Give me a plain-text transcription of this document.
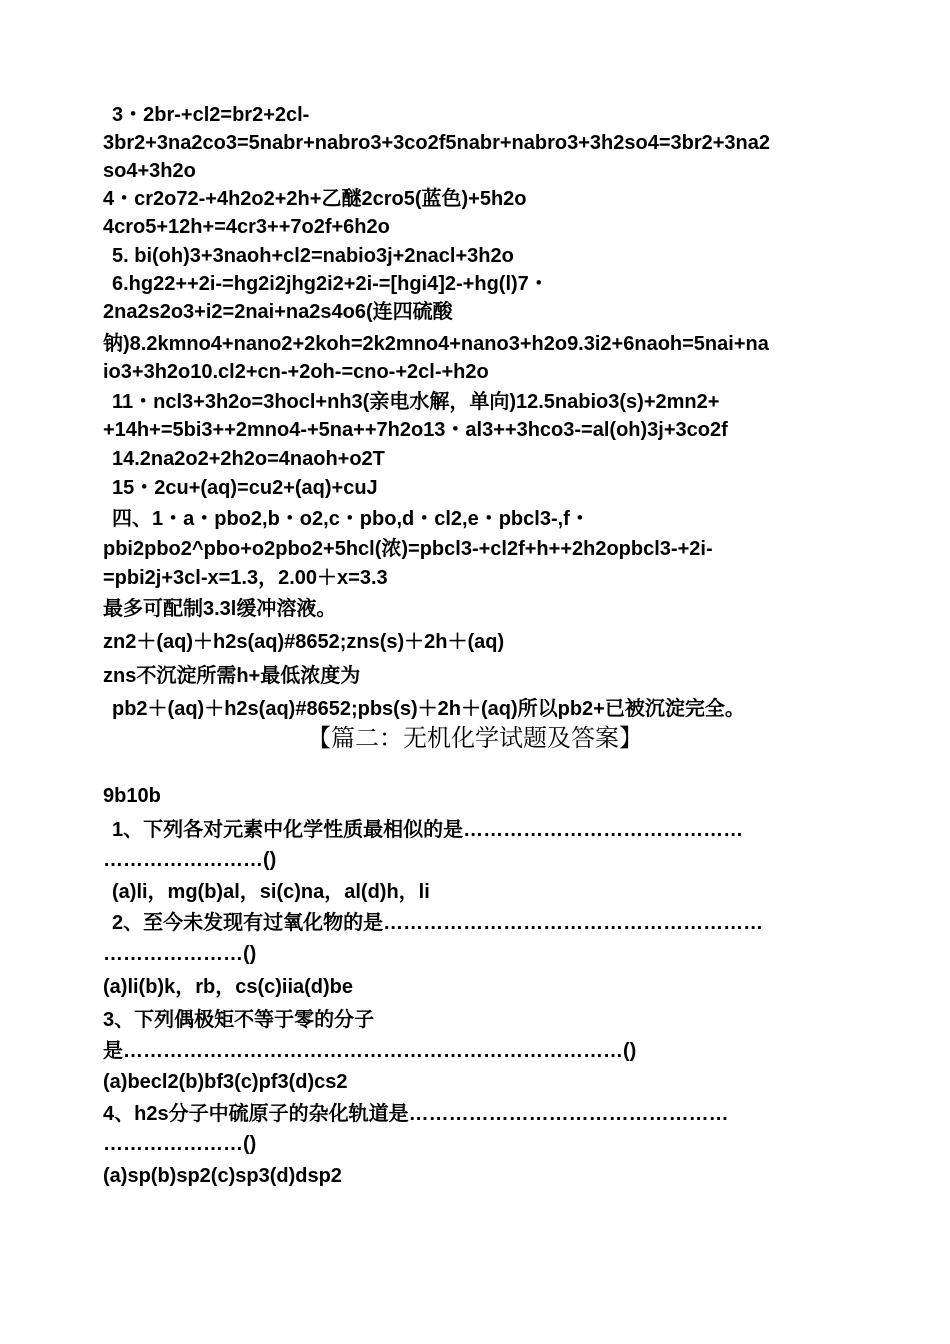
3・2br-+cl2=br2+2cl-
3br2+3na2co3=5nabr+nabro3+3co2f5nabr+nabro3+3h2so4=3br2+3na2
so4+3h2o
4・cr2o72-+4h2o2+2h+乙醚2cro5(蓝色)+5h2o
4cro5+12h+=4cr3++7o2f+6h2o
5. bi(oh)3+3naoh+cl2=nabio3j+2nacl+3h2o
6.hg22++2i-=hg2i2jhg2i2+2i-=[hgi4]2-+hg(l)7・
2na2s2o3+i2=2nai+na2s4o6(连四硫酸
钠)8.2kmno4+nano2+2koh=2k2mno4+nano3+h2o9.3i2+6naoh=5nai+na
io3+3h2o10.cl2+cn-+2oh-=cno-+2cl-+h2o
11・ncl3+3h2o=3hocl+nh3(亲电水解，单向)12.5nabio3(s)+2mn2+
+14h+=5bi3++2mno4-+5na++7h2o13・al3++3hco3-=al(oh)3j+3co2f
14.2na2o2+2h2o=4naoh+o2T
15・2cu+(aq)=cu2+(aq)+cuJ
四、1・a・pbo2,b・o2,c・pbo,d・cl2,e・pbcl3-,f・
pbi2pbo2^pbo+o2pbo2+5hcl(浓)=pbcl3-+cl2f+h++2h2opbcl3-+2i-
=pbi2j+3cl-x=1.3，2.00＋x=3.3
最多可配制3.3l缓冲溶液。
zn2＋(aq)＋h2s(aq)#8652;zns(s)＋2h＋(aq)
zns不沉淀所需h+最低浓度为
pb2＋(aq)＋h2s(aq)#8652;pbs(s)＋2h＋(aq)所以pb2+已被沉淀完全。
【篇二：无机化学试题及答案】
9b10b
1、下列各对元素中化学性质最相似的是……………………………………
……………………()
(a)li，mg(b)al，si(c)na，al(d)h，li
2、至今未发现有过氧化物的是…………………………………………………
…………………()
(a)li(b)k，rb，cs(c)iia(d)be
3、下列偶极矩不等于零的分子
是…………………………………………………………………()
(a)becl2(b)bf3(c)pf3(d)cs2
4、h2s分子中硫原子的杂化轨道是…………………………………………
…………………()
(a)sp(b)sp2(c)sp3(d)dsp2
